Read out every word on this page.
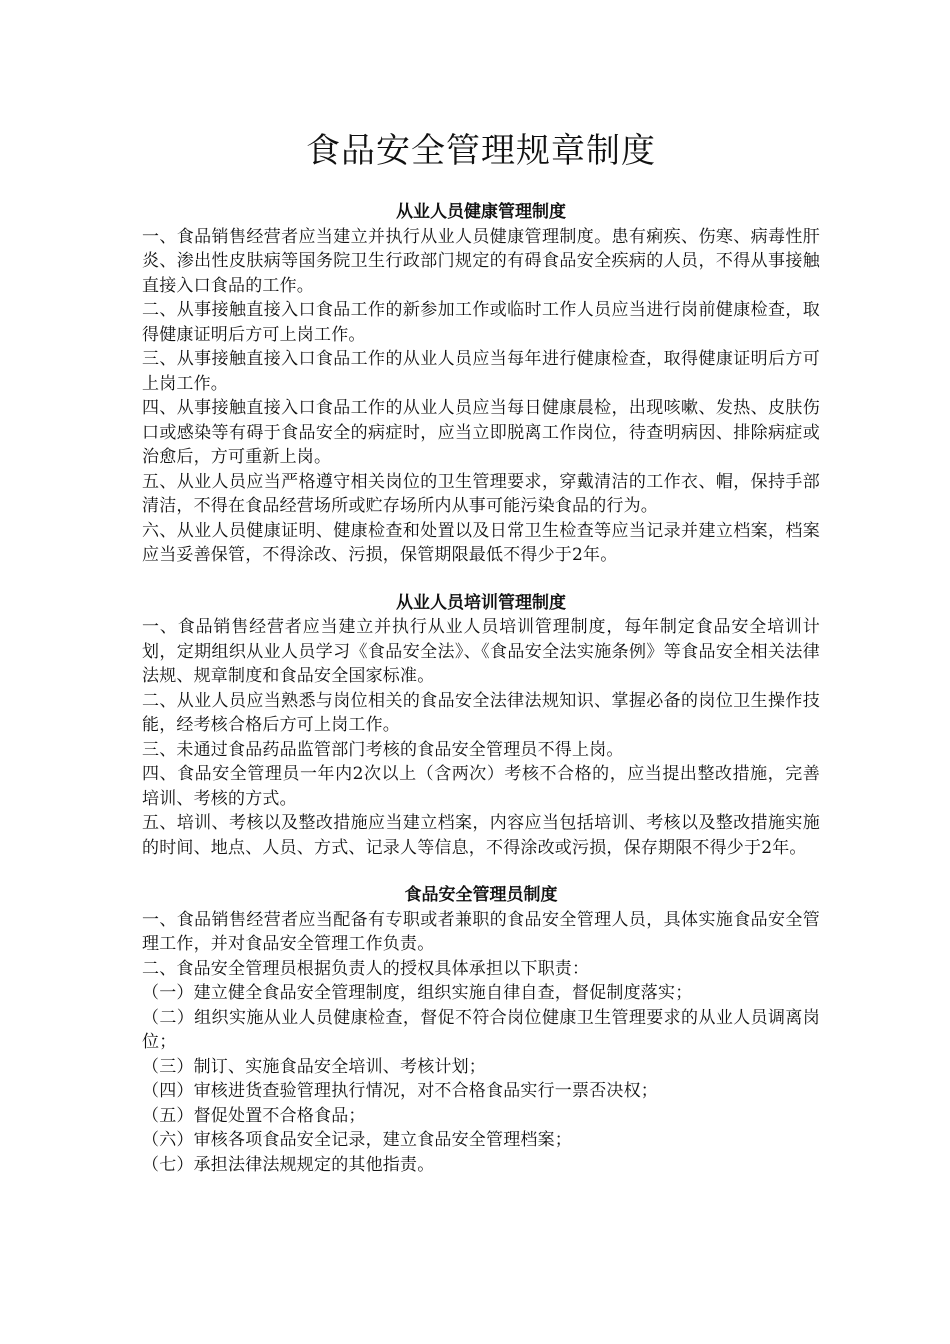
食品安全管理规章制度
从业人员健康管理制度

一、食品销售经营者应当建立并执行从业人员健康管理制度。患有痢疾、伤寒、病毒性肝炎、渗出性皮肤病等国务院卫生行政部门规定的有碍食品安全疾病的人员，不得从事接触直接入口食品的工作。

二、从事接触直接入口食品工作的新参加工作或临时工作人员应当进行岗前健康检查，取得健康证明后方可上岗工作。

三、从事接触直接入口食品工作的从业人员应当每年进行健康检查，取得健康证明后方可上岗工作。

四、从事接触直接入口食品工作的从业人员应当每日健康晨检，出现咳嗽、发热、皮肤伤口或感染等有碍于食品安全的病症时，应当立即脱离工作岗位，待查明病因、排除病症或治愈后，方可重新上岗。

五、从业人员应当严格遵守相关岗位的卫生管理要求，穿戴清洁的工作衣、帽，保持手部清洁，不得在食品经营场所或贮存场所内从事可能污染食品的行为。

六、从业人员健康证明、健康检查和处置以及日常卫生检查等应当记录并建立档案，档案应当妥善保管，不得涂改、污损，保管期限最低不得少于2年。

从业人员培训管理制度

一、食品销售经营者应当建立并执行从业人员培训管理制度，每年制定食品安全培训计划，定期组织从业人员学习《食品安全法》、《食品安全法实施条例》等食品安全相关法律法规、规章制度和食品安全国家标准。

二、从业人员应当熟悉与岗位相关的食品安全法律法规知识、掌握必备的岗位卫生操作技能，经考核合格后方可上岗工作。

三、未通过食品药品监管部门考核的食品安全管理员不得上岗。

四、食品安全管理员一年内2次以上（含两次）考核不合格的，应当提出整改措施，完善培训、考核的方式。

五、培训、考核以及整改措施应当建立档案，内容应当包括培训、考核以及整改措施实施的时间、地点、人员、方式、记录人等信息，不得涂改或污损，保存期限不得少于2年。

食品安全管理员制度

一、食品销售经营者应当配备有专职或者兼职的食品安全管理人员，具体实施食品安全管理工作，并对食品安全管理工作负责。

二、食品安全管理员根据负责人的授权具体承担以下职责：

（一）建立健全食品安全管理制度，组织实施自律自查，督促制度落实；

（二）组织实施从业人员健康检查，督促不符合岗位健康卫生管理要求的从业人员调离岗位；

（三）制订、实施食品安全培训、考核计划；

（四）审核进货查验管理执行情况，对不合格食品实行一票否决权；

（五）督促处置不合格食品；

（六）审核各项食品安全记录，建立食品安全管理档案；

（七）承担法律法规规定的其他指责。
